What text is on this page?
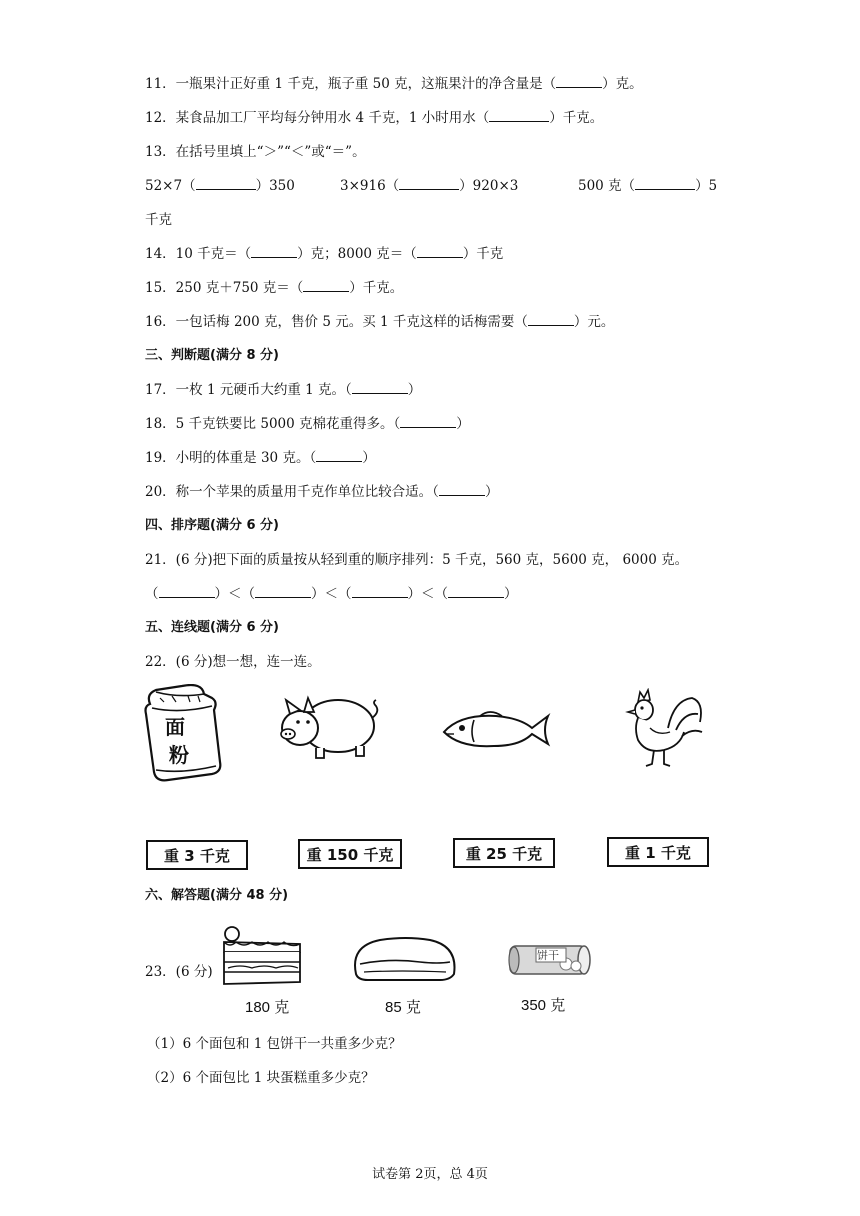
11．一瓶果汁正好重 1 千克，瓶子重 50 克，这瓶果汁的净含量是（	）克。
12．某食品加工厂平均每分钟用水 4 千克，1 小时用水（	）千克。
13．在括号里填上“＞”“＜”或“＝”。
52×7（	）350	3×916（	）920×3	500 克（	）5
千克
14．10 千克＝（	）克；8000 克＝（	）千克
15．250 克＋750 克＝（	）千克。
16．一包话梅 200 克，售价 5 元。买 1 千克这样的话梅需要（	）元。
三、判断题(满分 8 分)
17．一枚 1 元硬币大约重 1 克。（	）
18．5 千克铁要比 5000 克棉花重得多。（	）
19．小明的体重是 30 克。（	）
20．称一个苹果的质量用千克作单位比较合适。（	）
四、排序题(满分 6 分)
21．(6 分)把下面的质量按从轻到重的顺序排列：5 千克，560 克，5600 克， 6000 克。
（	）＜（	）＜（	）＜（	）
五、连线题(满分 6 分)
22．(6 分)想一想，连一连。
面
粉
重 3 千克	重 150 千克	重 25 千克	重 1 千克
六、解答题(满分 48 分)
23．(6 分)
180 克	85 克
饼干
350 克
（1）6 个面包和 1 包饼干一共重多少克？
（2）6 个面包比 1 块蛋糕重多少克？
试卷第 2页，总 4页
